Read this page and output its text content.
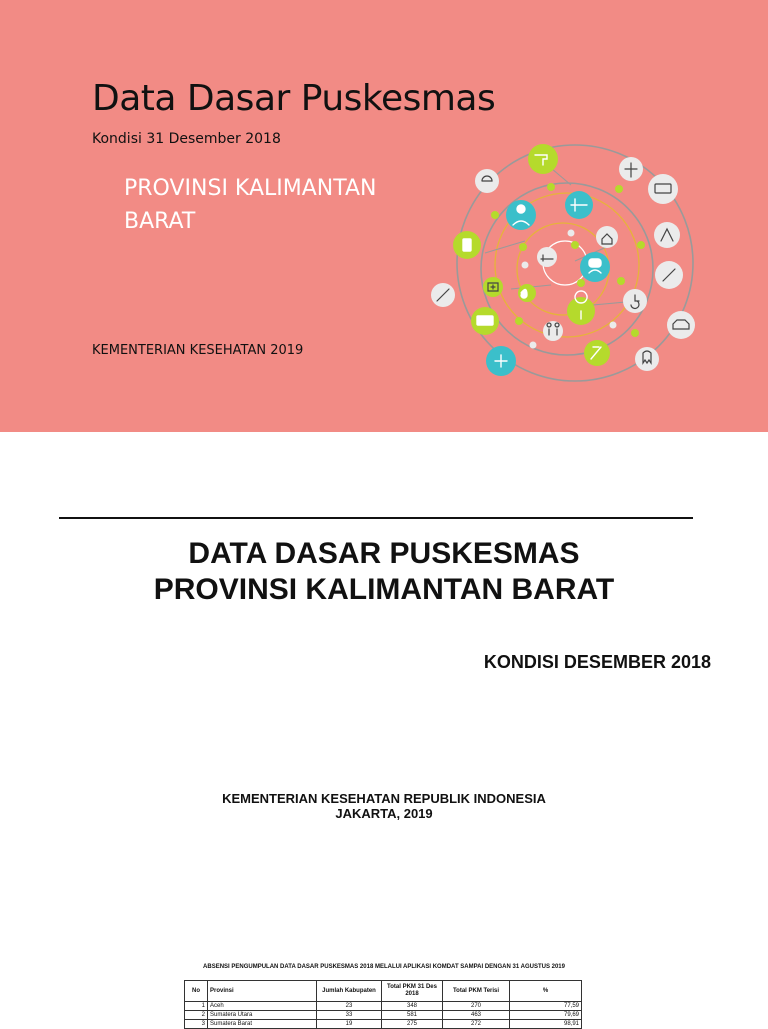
Data Dasar Puskesmas
Kondisi 31 Desember 2018
PROVINSI KALIMANTAN BARAT
KEMENTERIAN KESEHATAN 2019
DATA DASAR PUSKESMAS
PROVINSI KALIMANTAN BARAT
KONDISI DESEMBER 2018
KEMENTERIAN KESEHATAN REPUBLIK INDONESIA
JAKARTA, 2019
ABSENSI PENGUMPULAN DATA DASAR PUSKESMAS 2018 MELALUI APLIKASI KOMDAT SAMPAI DENGAN 31 AGUSTUS 2019
No	Provinsi	Jumlah Kabupaten	Total PKM 31 Des 2018	Total PKM Terisi	%
1	Aceh	23	348	270	77,59
2	Sumatera Utara	33	581	463	79,69
3	Sumatera Barat	19	275	272	98,91
